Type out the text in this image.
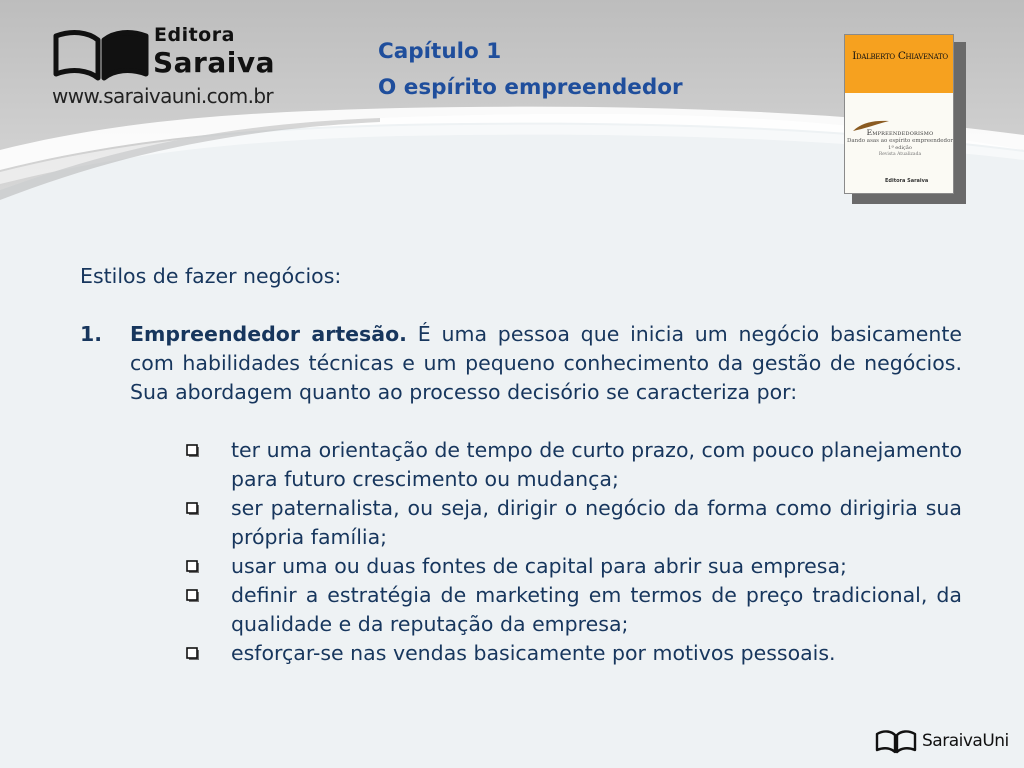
Editora
Saraiva
www.saraivauni.com.br
Capítulo 1
O espírito empreendedor
Idalberto Chiavenato
Empreendedorismo
Dando asas ao espírito empreendedor
1ª edição
Revista Atualizada
Editora Saraiva
Estilos de fazer negócios:
1. Empreendedor artesão. É uma pessoa que inicia um negócio basicamente com habilidades técnicas e um pequeno conhecimento da gestão de negócios. Sua abordagem quanto ao processo decisório se caracteriza por:
ter uma orientação de tempo de curto prazo, com pouco planejamento para futuro crescimento ou mudança;
ser paternalista, ou seja, dirigir o negócio da forma como dirigiria sua própria família;
usar uma ou duas fontes de capital para abrir sua empresa;
definir a estratégia de marketing em termos de preço tradicional, da qualidade e da reputação da empresa;
esforçar-se nas vendas basicamente por motivos pessoais.
SaraivaUni
